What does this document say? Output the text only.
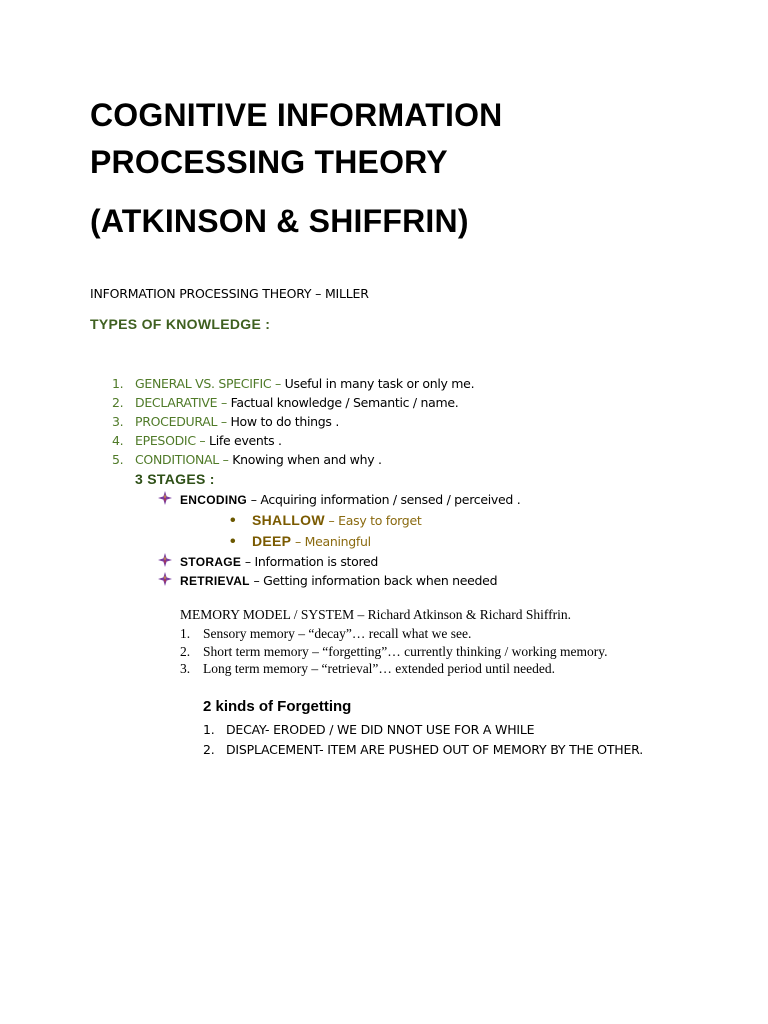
COGNITIVE INFORMATION
PROCESSING THEORY
(ATKINSON & SHIFFRIN)
INFORMATION PROCESSING THEORY – MILLER
TYPES OF KNOWLEDGE :
1. GENERAL VS. SPECIFIC – Useful in many task or only me.
2. DECLARATIVE – Factual knowledge / Semantic / name.
3. PROCEDURAL – How to do things .
4. EPESODIC – Life events .
5. CONDITIONAL – Knowing when and why .
3 STAGES :
ENCODING – Acquiring information / sensed / perceived .
• SHALLOW – Easy to forget
• DEEP – Meaningful
STORAGE – Information is stored
RETRIEVAL – Getting information back when needed
MEMORY MODEL / SYSTEM – Richard Atkinson & Richard Shiffrin.
1. Sensory memory – “decay”… recall what we see.
2. Short term memory – “forgetting”… currently thinking / working memory.
3. Long term memory – “retrieval”… extended period until needed.
2 kinds of Forgetting
1. DECAY- ERODED / WE DID NNOT USE FOR A WHILE
2. DISPLACEMENT- ITEM ARE PUSHED OUT OF MEMORY BY THE OTHER.
